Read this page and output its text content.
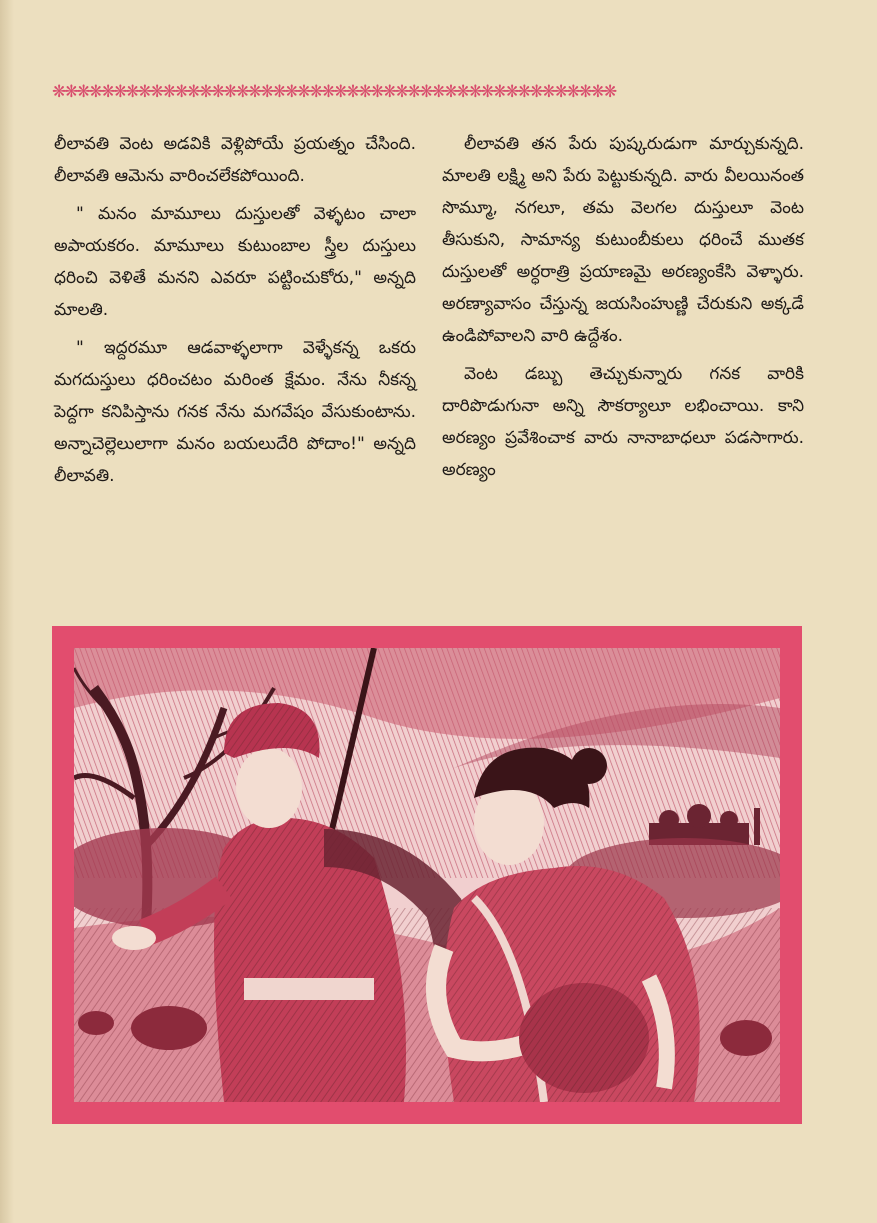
❋❋❋❋❋❋❋❋❋❋❋❋❋❋❋❋❋❋❋❋❋❋❋❋❋❋❋❋❋❋❋❋❋❋❋❋❋❋❋❋❋❋❋❋❋❋

లీలావతి వెంట అడవికి వెళ్లిపోయే ప్రయత్నం చేసింది. లీలావతి ఆమెను వారించలేకపోయింది.

" మనం మామూలు దుస్తులతో వెళ్ళటం చాలా అపాయకరం. మామూలు కుటుంబాల స్త్రీల దుస్తులు ధరించి వెళితే మనని ఎవరూ పట్టించుకోరు," అన్నది మాలతి.

" ఇద్దరమూ ఆడవాళ్ళలాగా వెళ్ళేకన్న ఒకరు మగదుస్తులు ధరించటం మరింత క్షేమం. నేను నీకన్న పెద్దగా కనిపిస్తాను గనక నేను మగవేషం వేసుకుంటాను. అన్నాచెల్లెలులాగా మనం బయలుదేరి పోదాం!" అన్నది లీలావతి.

లీలావతి తన పేరు పుష్కరుడుగా మార్చుకున్నది. మాలతి లక్ష్మి అని పేరు పెట్టుకున్నది. వారు వీలయినంత సొమ్మూ, నగలూ, తమ వెలగల దుస్తులూ వెంట తీసుకుని, సామాన్య కుటుంబీకులు ధరించే ముతక దుస్తులతో అర్ధరాత్రి ప్రయాణమై అరణ్యంకేసి వెళ్ళారు. అరణ్యావాసం చేస్తున్న జయసింహుణ్ణి చేరుకుని అక్కడే ఉండిపోవాలని వారి ఉద్దేశం.

వెంట డబ్బు తెచ్చుకున్నారు గనక వారికి దారిపొడుగునా అన్ని సౌకర్యాలూ లభించాయి. కాని అరణ్యం ప్రవేశించాక వారు నానాబాధలూ పడసాగారు. అరణ్యం
